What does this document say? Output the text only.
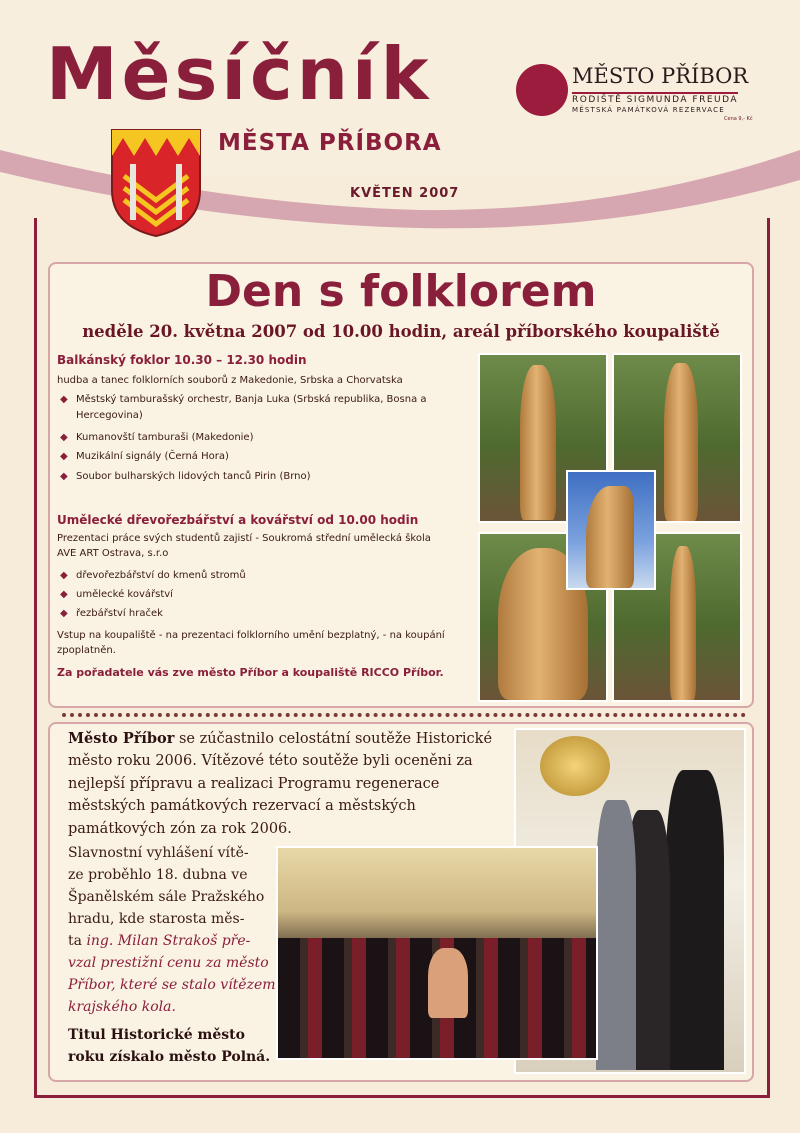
Měsíčník
MĚSTA PŘÍBORA
KVĚTEN 2007
MĚSTO PŘÍBOR
RODIŠTĚ SIGMUNDA FREUDA
MĚSTSKÁ PAMÁTKOVÁ REZERVACE
Cena 9,- Kč
Den s folklorem
neděle 20. května 2007 od 10.00 hodin, areál příborského koupaliště
Balkánský foklor 10.30 – 12.30 hodin
hudba a tanec folklorních souborů z Makedonie, Srbska a Chorvatska
◆ Městský tamburašský orchestr, Banja Luka (Srbská republika, Bosna a Hercegovina)
◆ Kumanovští tamburaši (Makedonie)
◆ Muzikální signály (Černá Hora)
◆ Soubor bulharských lidových tanců Pirin (Brno)
Umělecké dřevořezbářství a kovářství od 10.00 hodin
Prezentaci práce svých studentů zajistí - Soukromá střední umělecká škola
AVE ART Ostrava, s.r.o
◆ dřevořezbářství do kmenů stromů
◆ umělecké kovářství
◆ řezbářství hraček
Vstup na koupaliště - na prezentaci folklorního umění bezplatný, - na koupání zpoplatněn.
Za pořadatele vás zve město Příbor a koupaliště RICCO Příbor.
Město Příbor se zúčastnilo celostátní soutěže Historické město roku 2006. Vítězové této soutěže byli oceněni za nejlepší přípravu a realizaci Programu regenerace městských památkových rezervací a městských památkových zón za rok 2006.
Slavnostní vyhlášení vítě-
ze proběhlo 18. dubna ve
Španělském sále Pražského
hradu, kde starosta měs-
ta ing. Milan Strakoš pře-
vzal prestižní cenu za město
Příbor, které se stalo vítězem
krajského kola.
Titul Historické město
roku získalo město Polná.
